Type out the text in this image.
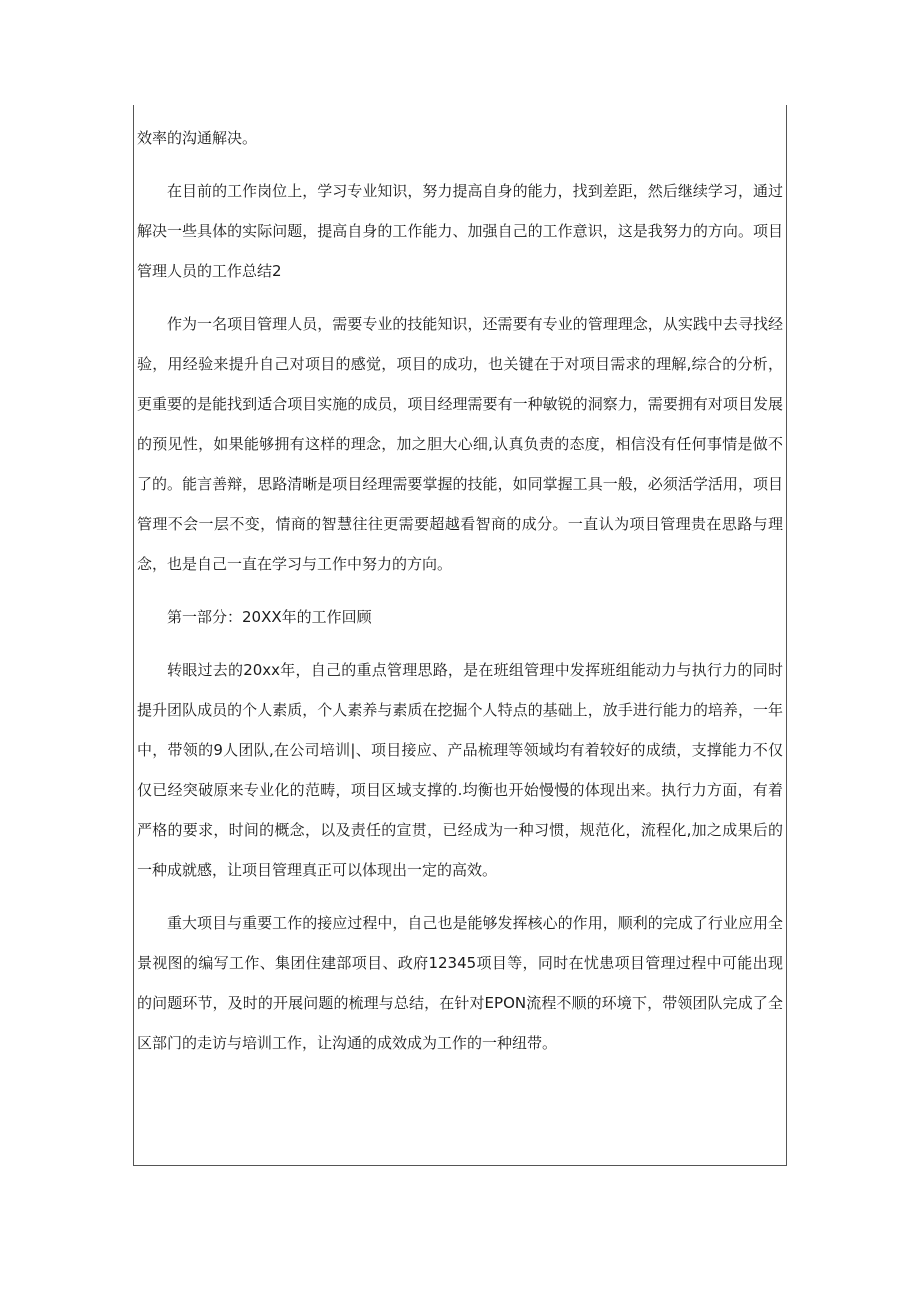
效率的沟通解决。

在目前的工作岗位上，学习专业知识，努力提高自身的能力，找到差距，然后继续学习，通过解决一些具体的实际问题，提高自身的工作能力、加强自己的工作意识，这是我努力的方向。项目管理人员的工作总结2

作为一名项目管理人员，需要专业的技能知识，还需要有专业的管理理念，从实践中去寻找经验，用经验来提升自己对项目的感觉，项目的成功，也关键在于对项目需求的理解,综合的分析，更重要的是能找到适合项目实施的成员，项目经理需要有一种敏锐的洞察力，需要拥有对项目发展的预见性，如果能够拥有这样的理念，加之胆大心细,认真负责的态度，相信没有任何事情是做不了的。能言善辩，思路清晰是项目经理需要掌握的技能，如同掌握工具一般，必须活学活用，项目管理不会一层不变，情商的智慧往往更需要超越看智商的成分。一直认为项目管理贵在思路与理念，也是自己一直在学习与工作中努力的方向。

第一部分：20XX年的工作回顾

转眼过去的20xx年，自己的重点管理思路，是在班组管理中发挥班组能动力与执行力的同时提升团队成员的个人素质，个人素养与素质在挖掘个人特点的基础上，放手进行能力的培养，一年中，带领的9人团队,在公司培训|、项目接应、产品梳理等领域均有着较好的成绩，支撑能力不仅仅已经突破原来专业化的范畴，项目区域支撑的.均衡也开始慢慢的体现出来。执行力方面，有着严格的要求，时间的概念，以及责任的宣贯，已经成为一种习惯，规范化，流程化,加之成果后的一种成就感，让项目管理真正可以体现出一定的高效。

重大项目与重要工作的接应过程中，自己也是能够发挥核心的作用，顺利的完成了行业应用全景视图的编写工作、集团住建部项目、政府12345项目等，同时在忧患项目管理过程中可能出现的问题环节，及时的开展问题的梳理与总结，在针对EPON流程不顺的环境下，带领团队完成了全区部门的走访与培训工作，让沟通的成效成为工作的一种纽带。
